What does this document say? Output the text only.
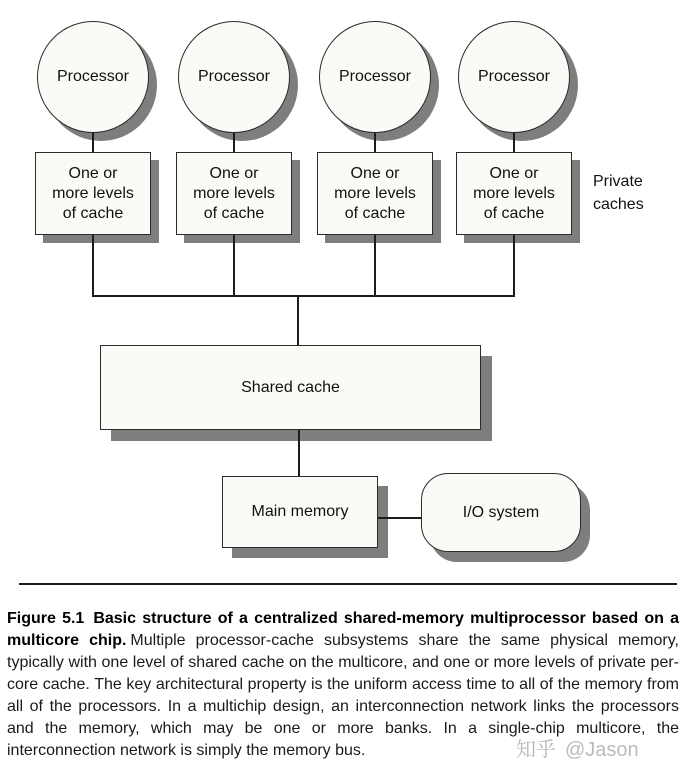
Processor	Processor	Processor	Processor
One or
more levels
of cache
One or
more levels
of cache
One or
more levels
of cache
One or
more levels
of cache
Private
caches
Shared cache
Main memory	I/O system

Figure 5.1 Basic structure of a centralized shared-memory multiprocessor based on a multicore chip. Multiple processor-cache subsystems share the same physical memory, typically with one level of shared cache on the multicore, and one or more levels of private per-core cache. The key architectural property is the uniform access time to all of the memory from all of the processors. In a multichip design, an interconnection network links the processors and the memory, which may be one or more banks. In a single-chip multicore, the interconnection network is simply the memory bus.	知乎 @Jason
